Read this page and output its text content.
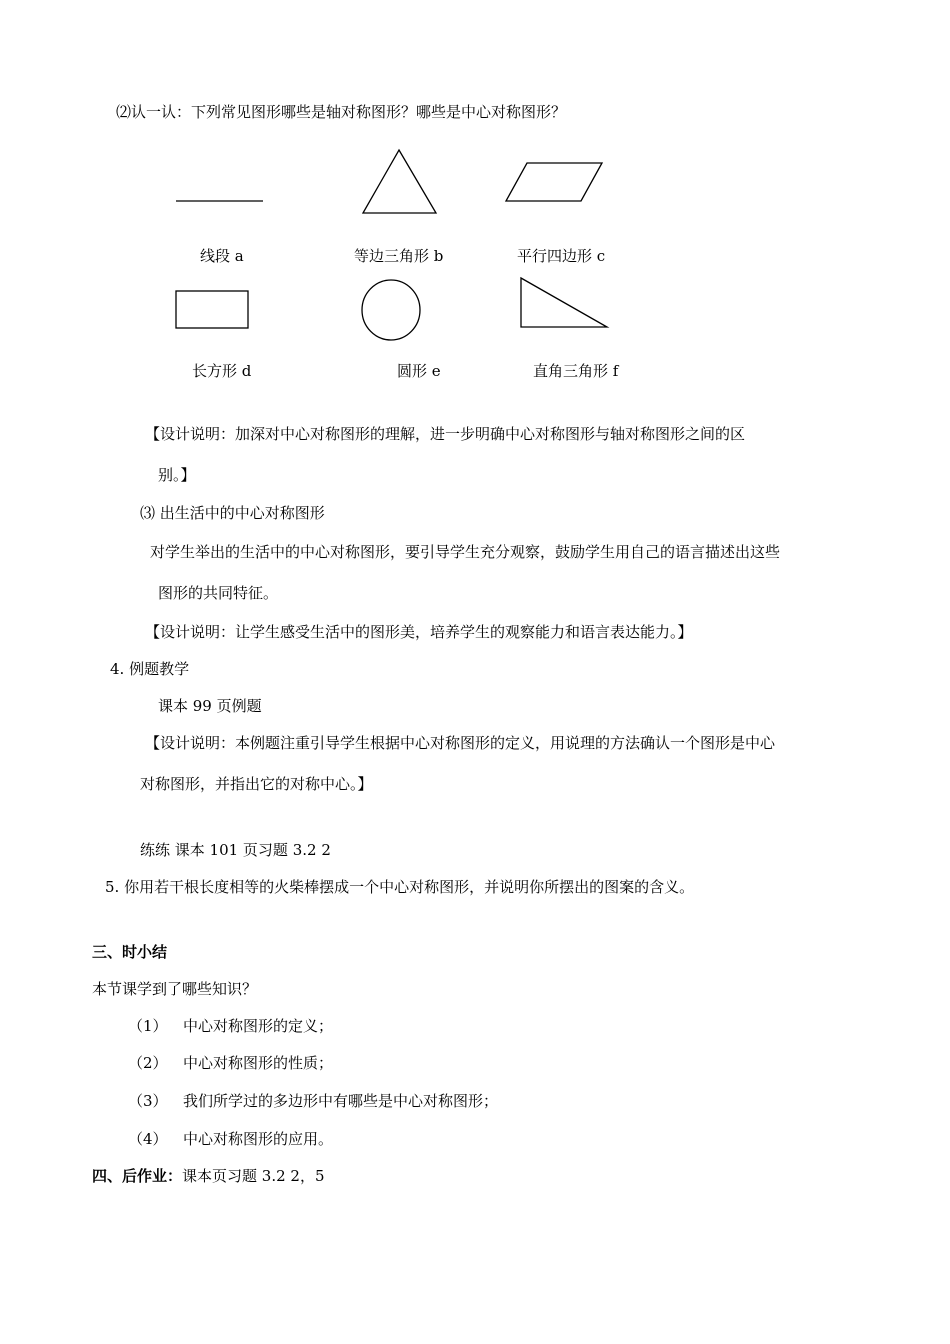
⑵认一认：下列常见图形哪些是轴对称图形？哪些是中心对称图形？
线段 a	等边三角形 b	平行四边形 c
长方形 d	圆形 e	直角三角形 f
【设计说明：加深对中心对称图形的理解，进一步明确中心对称图形与轴对称图形之间的区
别。】
⑶ 出生活中的中心对称图形
对学生举出的生活中的中心对称图形，要引导学生充分观察，鼓励学生用自己的语言描述出这些
图形的共同特征。
【设计说明：让学生感受生活中的图形美，培养学生的观察能力和语言表达能力。】
4. 例题教学
课本 99 页例题
【设计说明：本例题注重引导学生根据中心对称图形的定义，用说理的方法确认一个图形是中心
对称图形，并指出它的对称中心。】
练练 课本 101 页习题 3.2 2
5. 你用若干根长度相等的火柴棒摆成一个中心对称图形，并说明你所摆出的图案的含义。
三、时小结
本节课学到了哪些知识？
（1） 中心对称图形的定义；
（2） 中心对称图形的性质；
（3） 我们所学过的多边形中有哪些是中心对称图形；
（4） 中心对称图形的应用。
四、后作业：课本页习题 3.2 2，5
